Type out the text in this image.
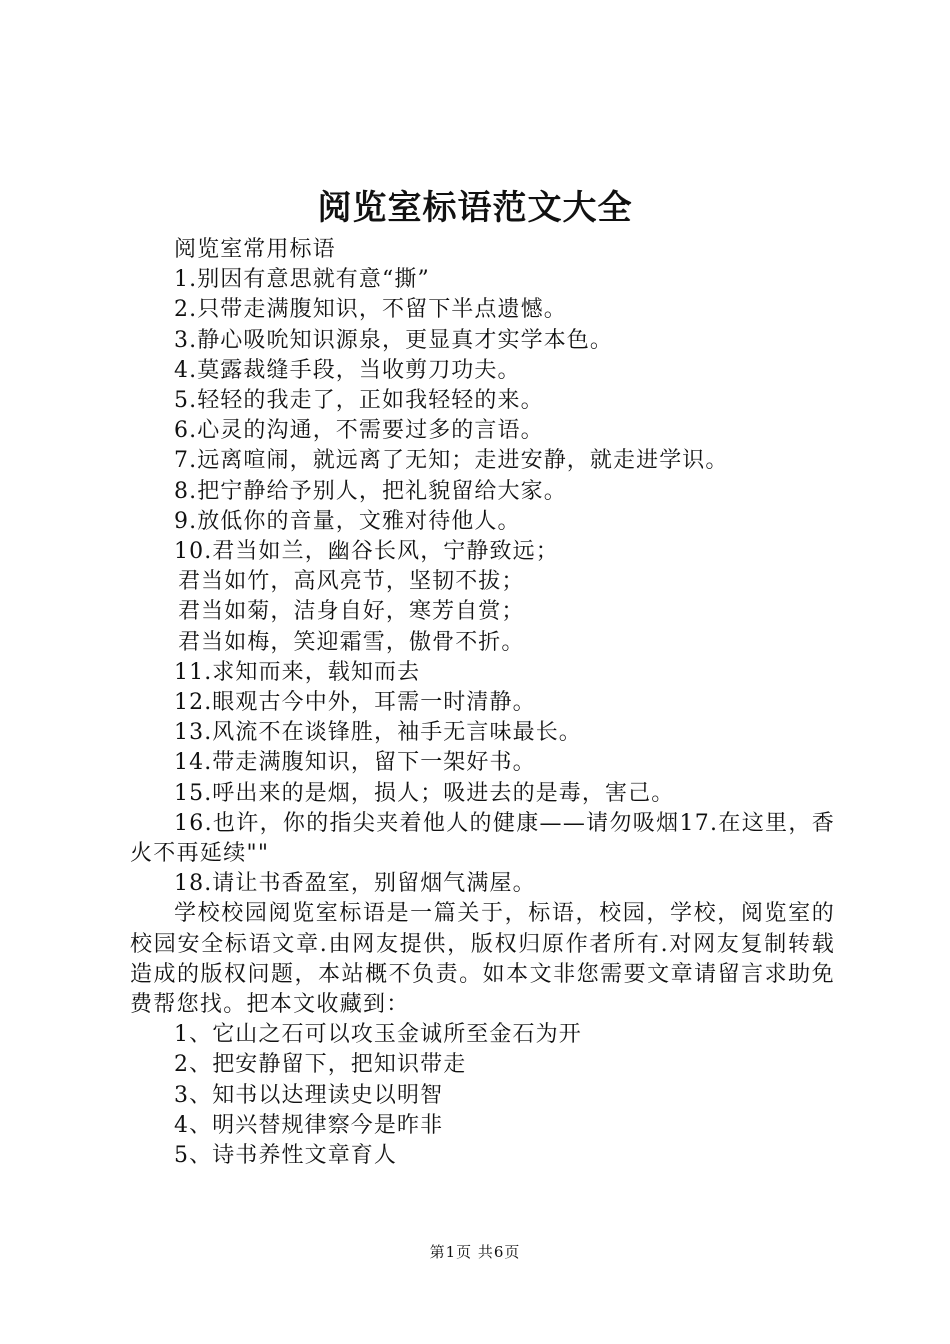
阅览室标语范文大全

阅览室常用标语

1.别因有意思就有意“撕”

2.只带走满腹知识，不留下半点遗憾。

3.静心吸吮知识源泉，更显真才实学本色。

4.莫露裁缝手段，当收剪刀功夫。

5.轻轻的我走了，正如我轻轻的来。

6.心灵的沟通，不需要过多的言语。

7.远离喧闹，就远离了无知；走进安静，就走进学识。

8.把宁静给予别人，把礼貌留给大家。

9.放低你的音量，文雅对待他人。

10.君当如兰，幽谷长风，宁静致远；

君当如竹，高风亮节，坚韧不拔；

君当如菊，洁身自好，寒芳自赏；

君当如梅，笑迎霜雪，傲骨不折。

11.求知而来，载知而去

12.眼观古今中外，耳需一时清静。

13.风流不在谈锋胜，袖手无言味最长。

14.带走满腹知识，留下一架好书。

15.呼出来的是烟，损人；吸进去的是毒，害己。

16.也许，你的指尖夹着他人的健康——请勿吸烟17.在这里，香火不再延续""

18.请让书香盈室，别留烟气满屋。

学校校园阅览室标语是一篇关于，标语，校园，学校，阅览室的校园安全标语文章.由网友提供，版权归原作者所有.对网友复制转载造成的版权问题，本站概不负责。如本文非您需要文章请留言求助免费帮您找。把本文收藏到：

1、它山之石可以攻玉金诚所至金石为开

2、把安静留下，把知识带走

3、知书以达理读史以明智

4、明兴替规律察今是昨非

5、诗书养性文章育人

第1页 共6页
